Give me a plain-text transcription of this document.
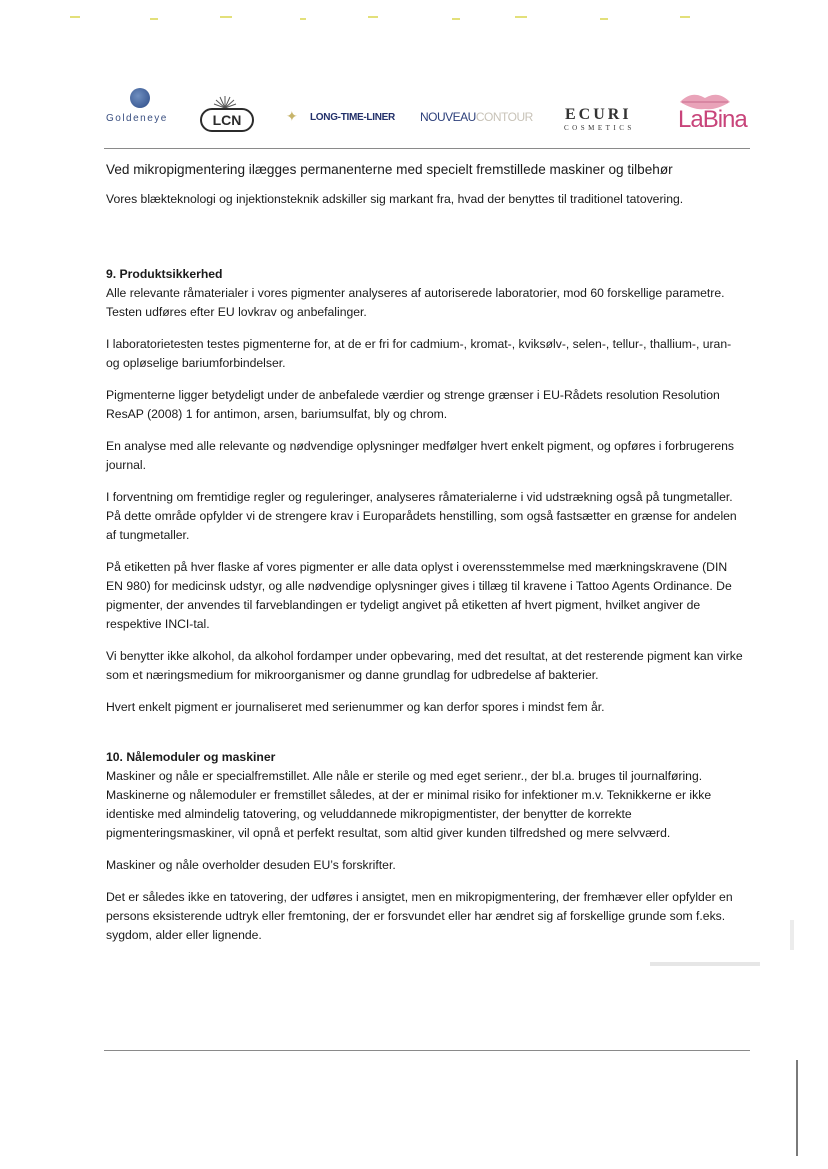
Goldeneye	LCN	✦ LONG-TIME-LINER NOUVEAUCONTOUR ECURI
COSMETICS LaBina

Ved mikropigmentering ilægges permanenterne med specielt fremstillede maskiner og tilbehør

Vores blækteknologi og injektionsteknik adskiller sig markant fra, hvad der benyttes til traditionel tatovering.

9. Produktsikkerhed

Alle relevante råmaterialer i vores pigmenter analyseres af autoriserede laboratorier, mod 60 forskellige parametre. Testen udføres efter EU lovkrav og anbefalinger.

I laboratorietesten testes pigmenterne for, at de er fri for cadmium-, kromat-, kviksølv-, selen-, tellur-, thallium-, uran- og opløselige bariumforbindelser.

Pigmenterne ligger betydeligt under de anbefalede værdier og strenge grænser i EU-Rådets resolution Resolution ResAP (2008) 1 for antimon, arsen, bariumsulfat, bly og chrom.

En analyse med alle relevante og nødvendige oplysninger medfølger hvert enkelt pigment, og opføres i forbrugerens journal.

I forventning om fremtidige regler og reguleringer, analyseres råmaterialerne i vid udstrækning også på tungmetaller. På dette område opfylder vi de strengere krav i Europarådets henstilling, som også fastsætter en grænse for andelen af tungmetaller.

På etiketten på hver flaske af vores pigmenter er alle data oplyst i overensstemmelse med mærkningskravene (DIN EN 980) for medicinsk udstyr, og alle nødvendige oplysninger gives i tillæg til kravene i Tattoo Agents Ordinance. De pigmenter, der anvendes til farveblandingen er tydeligt angivet på etiketten af hvert pigment, hvilket angiver de respektive INCI-tal.

Vi benytter ikke alkohol, da alkohol fordamper under opbevaring, med det resultat, at det resterende pigment kan virke som et næringsmedium for mikroorganismer og danne grundlag for udbredelse af bakterier.

Hvert enkelt pigment er journaliseret med serienummer og kan derfor spores i mindst fem år.

10. Nålemoduler og maskiner

Maskiner og nåle er specialfremstillet. Alle nåle er sterile og med eget serienr., der bl.a. bruges til journalføring. Maskinerne og nålemoduler er fremstillet således, at der er minimal risiko for infektioner m.v. Teknikkerne er ikke identiske med almindelig tatovering, og veluddannede mikropigmentister, der benytter de korrekte pigmenteringsmaskiner, vil opnå et perfekt resultat, som altid giver kunden tilfredshed og mere selvværd.

Maskiner og nåle overholder desuden EU’s forskrifter.

Det er således ikke en tatovering, der udføres i ansigtet, men en mikropigmentering, der fremhæver eller opfylder en persons eksisterende udtryk eller fremtoning, der er forsvundet eller har ændret sig af forskellige grunde som f.eks. sygdom, alder eller lignende.
